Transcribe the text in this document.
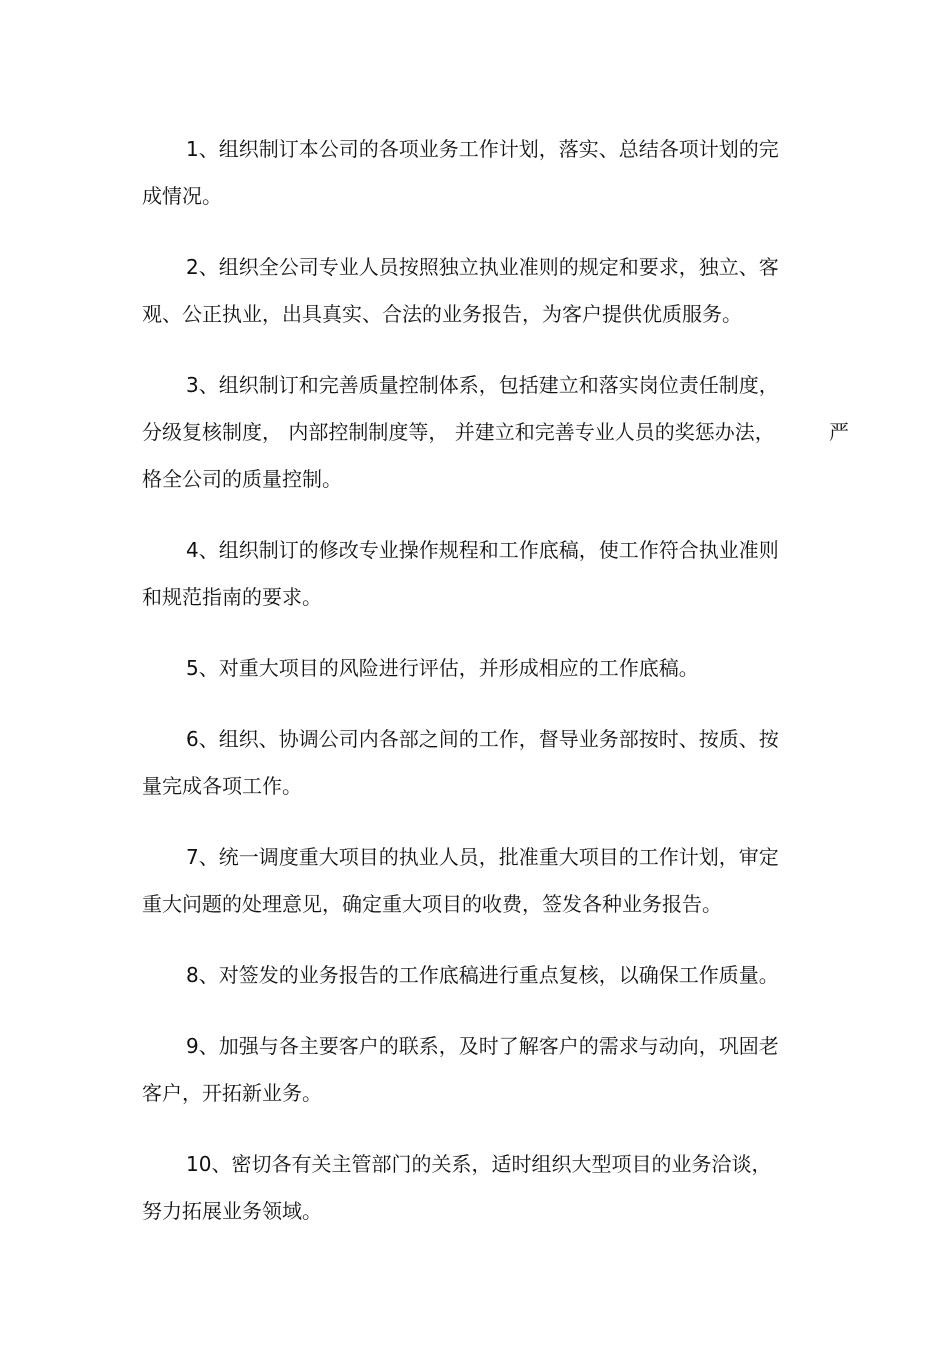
1、组织制订本公司的各项业务工作计划，落实、总结各项计划的完
成情况。
2、组织全公司专业人员按照独立执业准则的规定和要求，独立、客
观、公正执业，出具真实、合法的业务报告，为客户提供优质服务。
3、组织制订和完善质量控制体系，包括建立和落实岗位责任制度，
分级复核制度， 内部控制制度等， 并建立和完善专业人员的奖惩办法，	严
格全公司的质量控制。
4、组织制订的修改专业操作规程和工作底稿，使工作符合执业准则
和规范指南的要求。
5、对重大项目的风险进行评估，并形成相应的工作底稿。
6、组织、协调公司内各部之间的工作，督导业务部按时、按质、按
量完成各项工作。
7、统一调度重大项目的执业人员，批准重大项目的工作计划，审定
重大问题的处理意见，确定重大项目的收费，签发各种业务报告。
8、对签发的业务报告的工作底稿进行重点复核，以确保工作质量。
9、加强与各主要客户的联系，及时了解客户的需求与动向，巩固老
客户，开拓新业务。
10、密切各有关主管部门的关系，适时组织大型项目的业务洽谈，
努力拓展业务领域。
